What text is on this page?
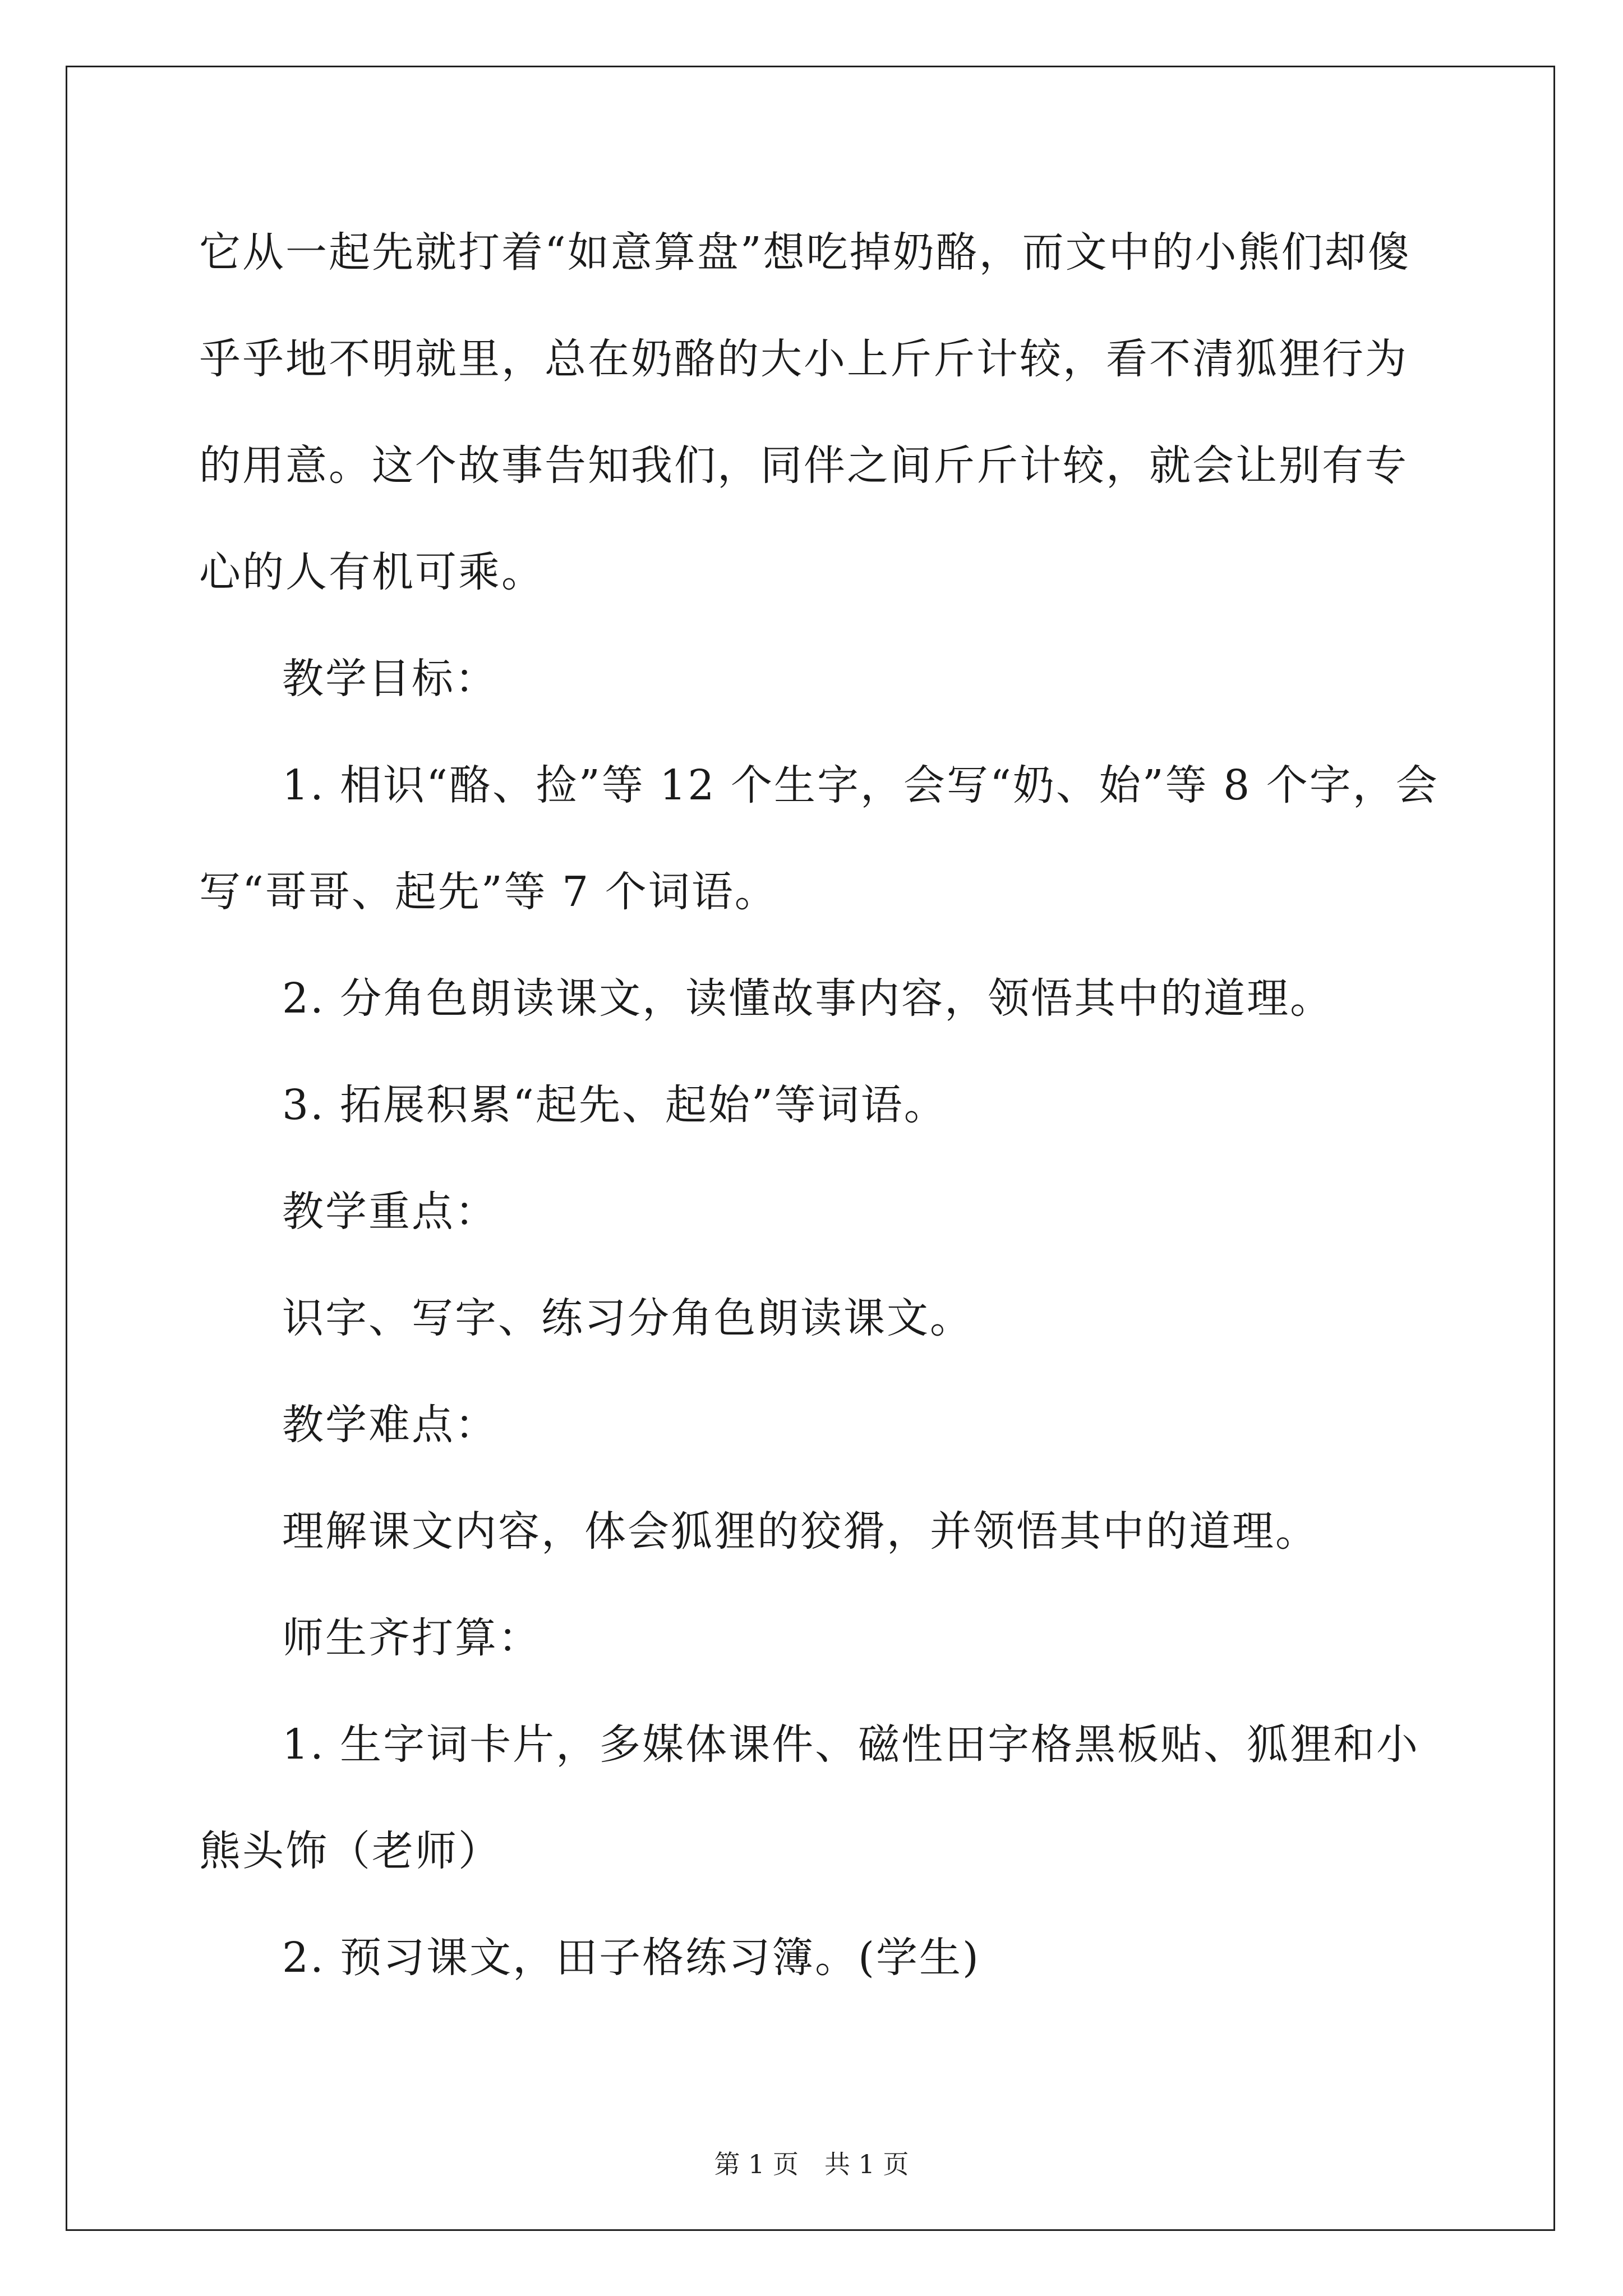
它从一起先就打着“如意算盘”想吃掉奶酪，而文中的小熊们却傻乎乎地不明就里，总在奶酪的大小上斤斤计较，看不清狐狸行为的用意。这个故事告知我们，同伴之间斤斤计较，就会让别有专心的人有机可乘。

教学目标：

1. 相识“酪、捡”等 12 个生字，会写“奶、始”等 8 个字，会写“哥哥、起先”等 7 个词语。

2. 分角色朗读课文，读懂故事内容，领悟其中的道理。

3. 拓展积累“起先、起始”等词语。

教学重点：

识字、写字、练习分角色朗读课文。

教学难点：

理解课文内容，体会狐狸的狡猾，并领悟其中的道理。

师生齐打算：

1. 生字词卡片，多媒体课件、磁性田字格黑板贴、狐狸和小熊头饰（老师）

2. 预习课文，田子格练习簿。(学生)

第 1 页　共 1 页
